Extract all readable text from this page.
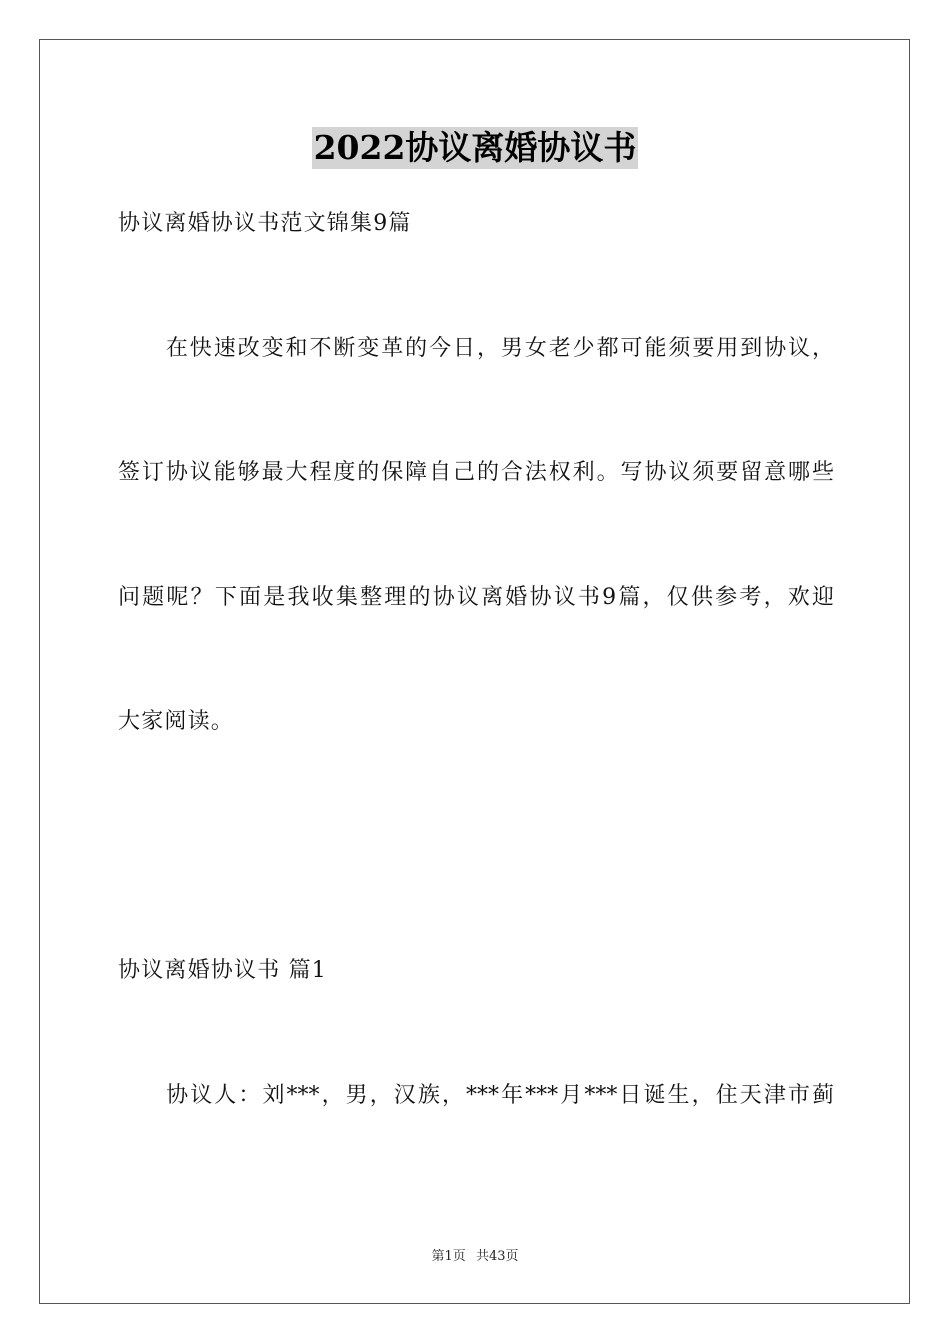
2022协议离婚协议书
协议离婚协议书范文锦集9篇
　　在快速改变和不断变革的今日，男女老少都可能须要用到协议，
签订协议能够最大程度的保障自己的合法权利。写协议须要留意哪些
问题呢？下面是我收集整理的协议离婚协议书9篇，仅供参考，欢迎
大家阅读。
协议离婚协议书 篇1
　　协议人：刘***，男，汉族，***年***月***日诞生，住天津市蓟
第1页 共43页
